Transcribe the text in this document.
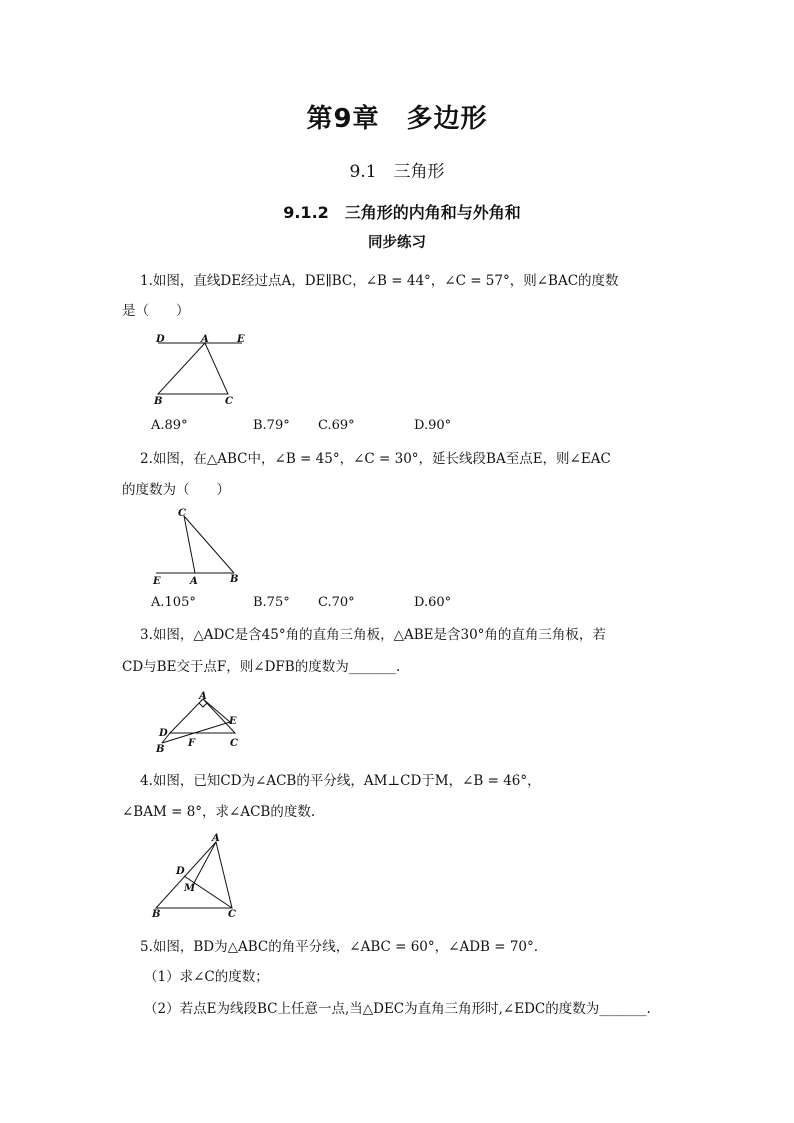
第9章　多边形
9.1　三角形
9.1.2　三角形的内角和与外角和
同步练习
1.如图，直线DE经过点A，DE∥BC，∠B = 44°，∠C = 57°，则∠BAC的度数
是（　　）
D	A	E
B	C
A.89°	B.79° C.69°	D.90°
2.如图，在△ABC中，∠B = 45°，∠C = 30°，延长线段BA至点E，则∠EAC
的度数为（　　）
C
E	A	B
A.105°	B.75° C.70°	D.60°
3.如图，△ADC是含45°角的直角三角板，△ABE是含30°角的直角三角板，若
CD与BE交于点F，则∠DFB的度数为_______.
A
E
D
F
B
C
4.如图，已知CD为∠ACB的平分线，AM⊥CD于M，∠B = 46°，
∠BAM = 8°，求∠ACB的度数.
A
D
M
B	C
5.如图，BD为△ABC的角平分线，∠ABC = 60°，∠ADB = 70°.
（1）求∠C的度数；
（2）若点E为线段BC上任意一点,当△DEC为直角三角形时,∠EDC的度数为_______.
